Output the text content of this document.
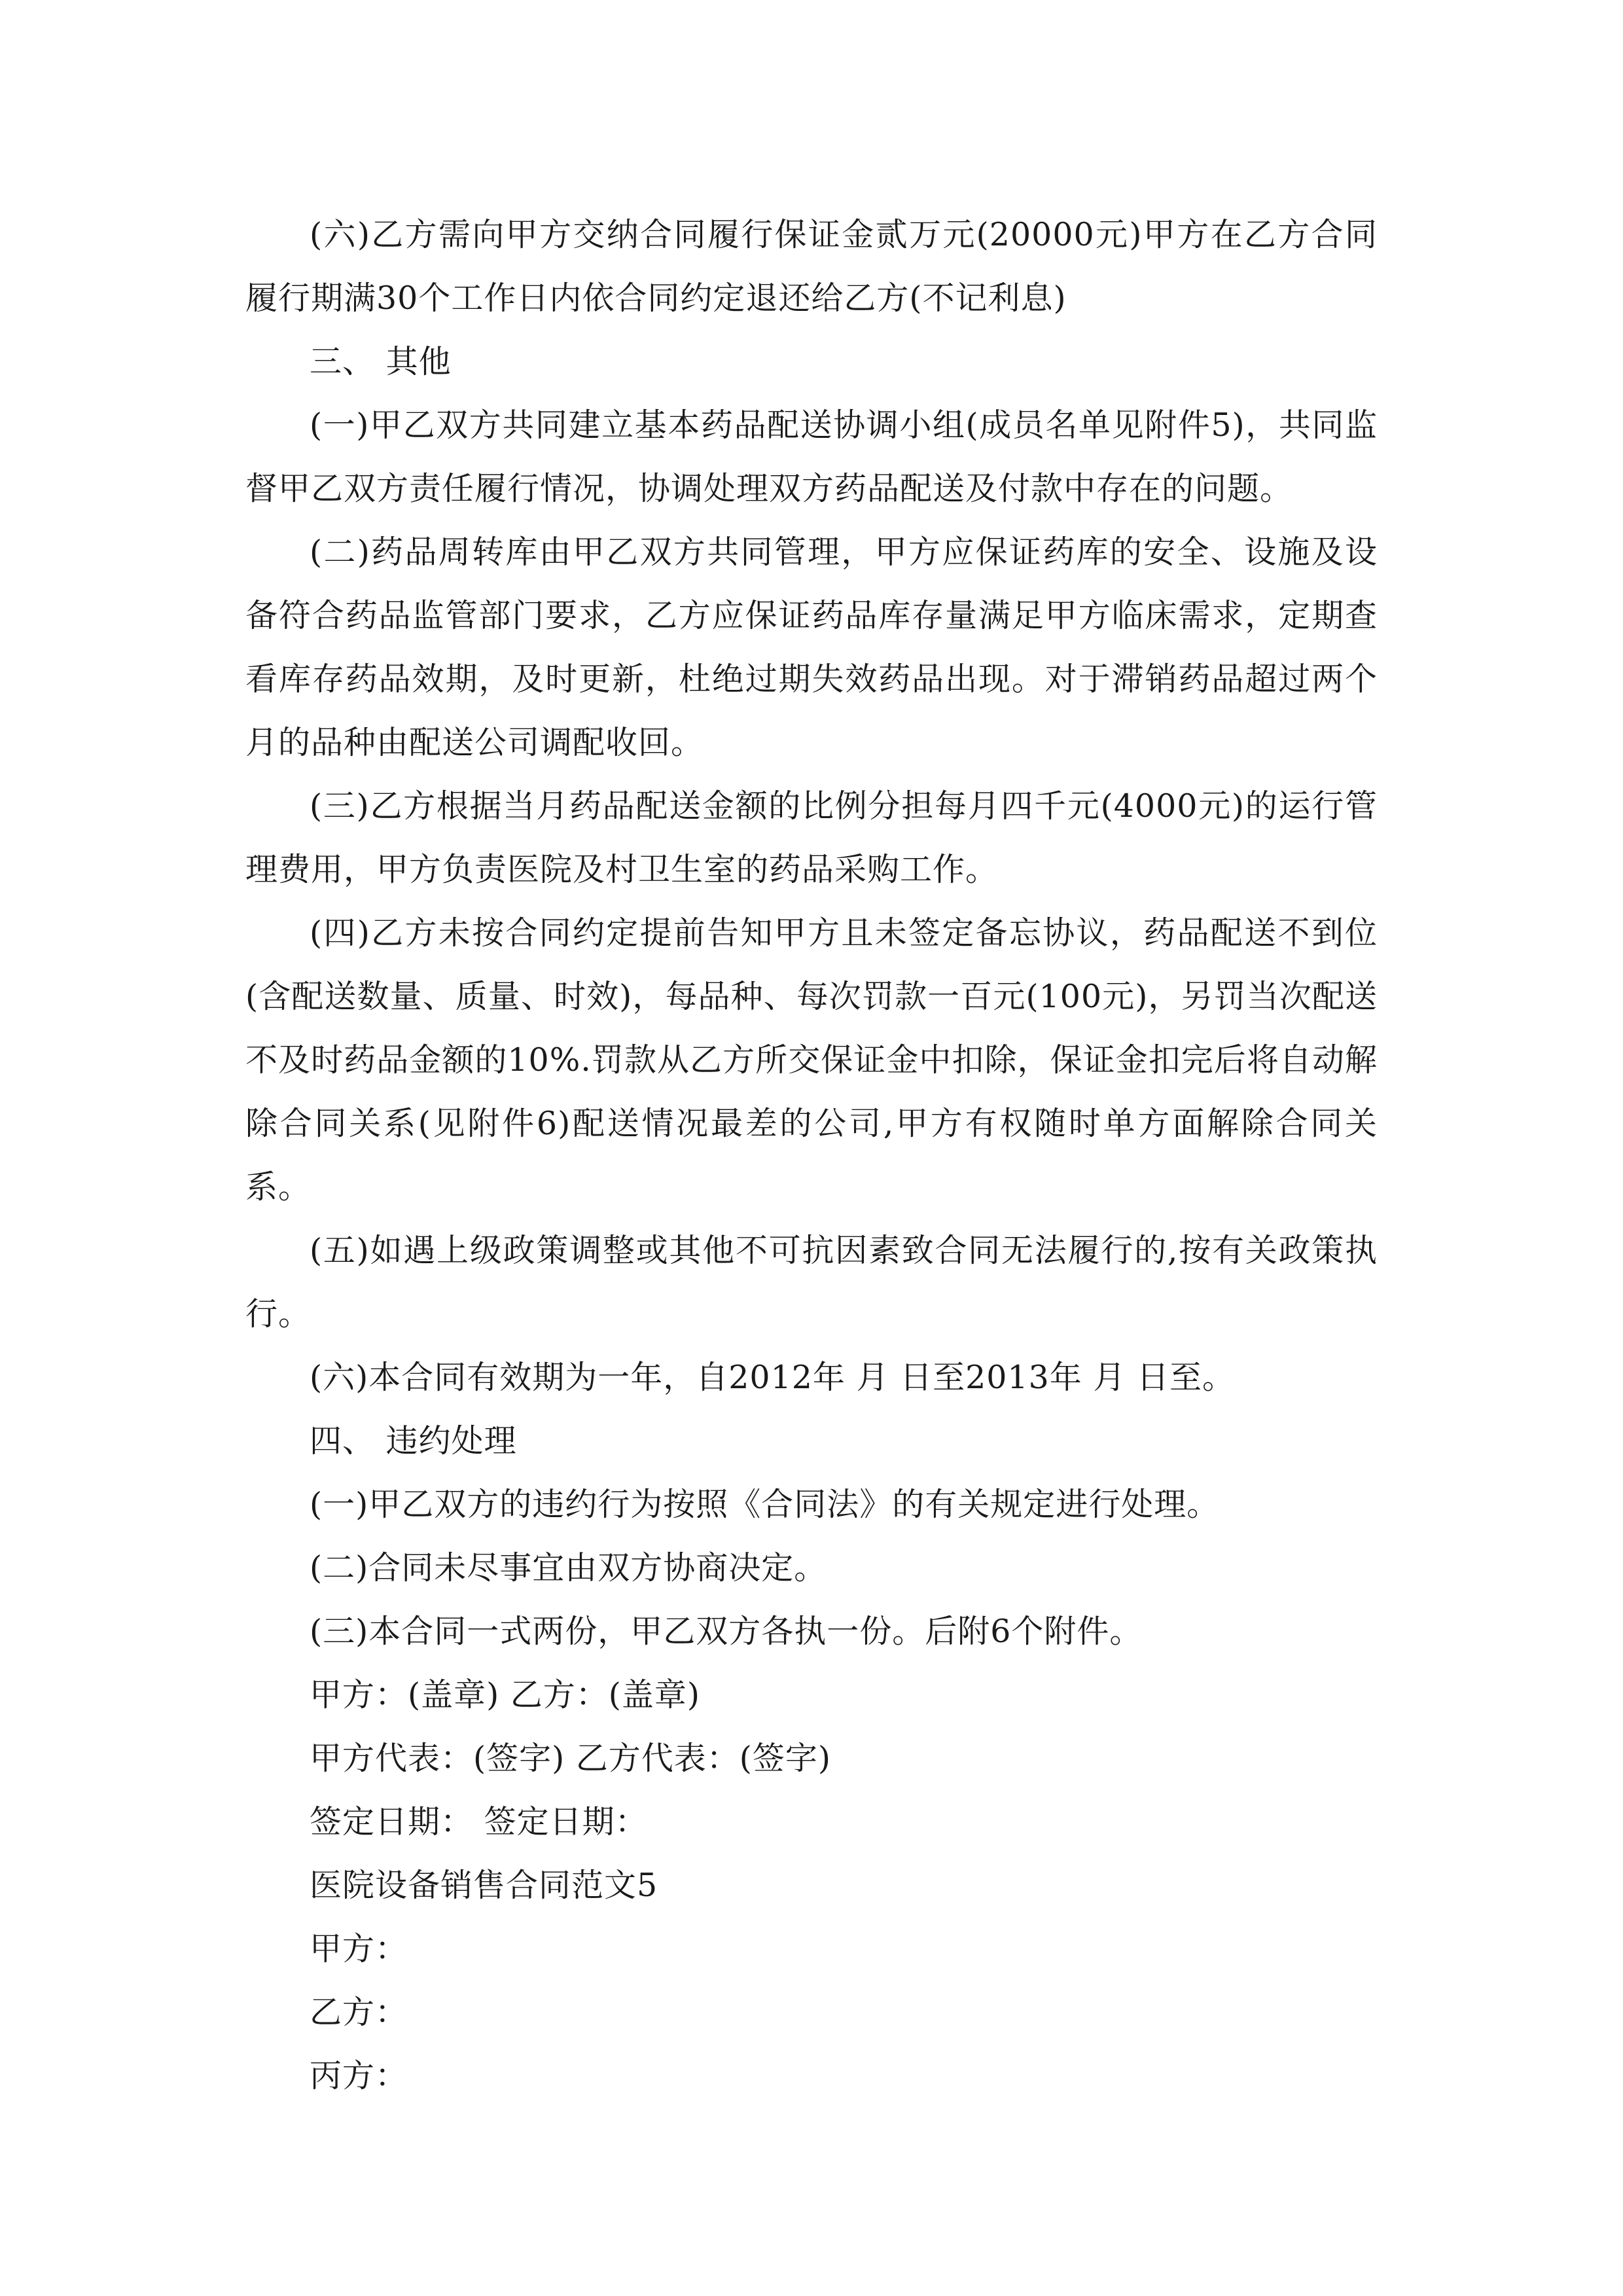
(六)乙方需向甲方交纳合同履行保证金贰万元(20000元)甲方在乙方合同履行期满30个工作日内依合同约定退还给乙方(不记利息)

三、 其他

(一)甲乙双方共同建立基本药品配送协调小组(成员名单见附件5)，共同监督甲乙双方责任履行情况，协调处理双方药品配送及付款中存在的问题。

(二)药品周转库由甲乙双方共同管理，甲方应保证药库的安全、设施及设备符合药品监管部门要求，乙方应保证药品库存量满足甲方临床需求，定期查看库存药品效期，及时更新，杜绝过期失效药品出现。对于滞销药品超过两个月的品种由配送公司调配收回。

(三)乙方根据当月药品配送金额的比例分担每月四千元(4000元)的运行管理费用，甲方负责医院及村卫生室的药品采购工作。

(四)乙方未按合同约定提前告知甲方且未签定备忘协议，药品配送不到位(含配送数量、质量、时效)，每品种、每次罚款一百元(100元)，另罚当次配送不及时药品金额的10%.罚款从乙方所交保证金中扣除，保证金扣完后将自动解除合同关系(见附件6)配送情况最差的公司,甲方有权随时单方面解除合同关系。

(五)如遇上级政策调整或其他不可抗因素致合同无法履行的,按有关政策执行。

(六)本合同有效期为一年，自2012年 月 日至2013年 月 日至。

四、 违约处理

(一)甲乙双方的违约行为按照《合同法》的有关规定进行处理。

(二)合同未尽事宜由双方协商决定。

(三)本合同一式两份，甲乙双方各执一份。后附6个附件。

甲方：(盖章) 乙方：(盖章)

甲方代表：(签字) 乙方代表：(签字)

签定日期： 签定日期：

医院设备销售合同范文5

甲方：

乙方：

丙方：
